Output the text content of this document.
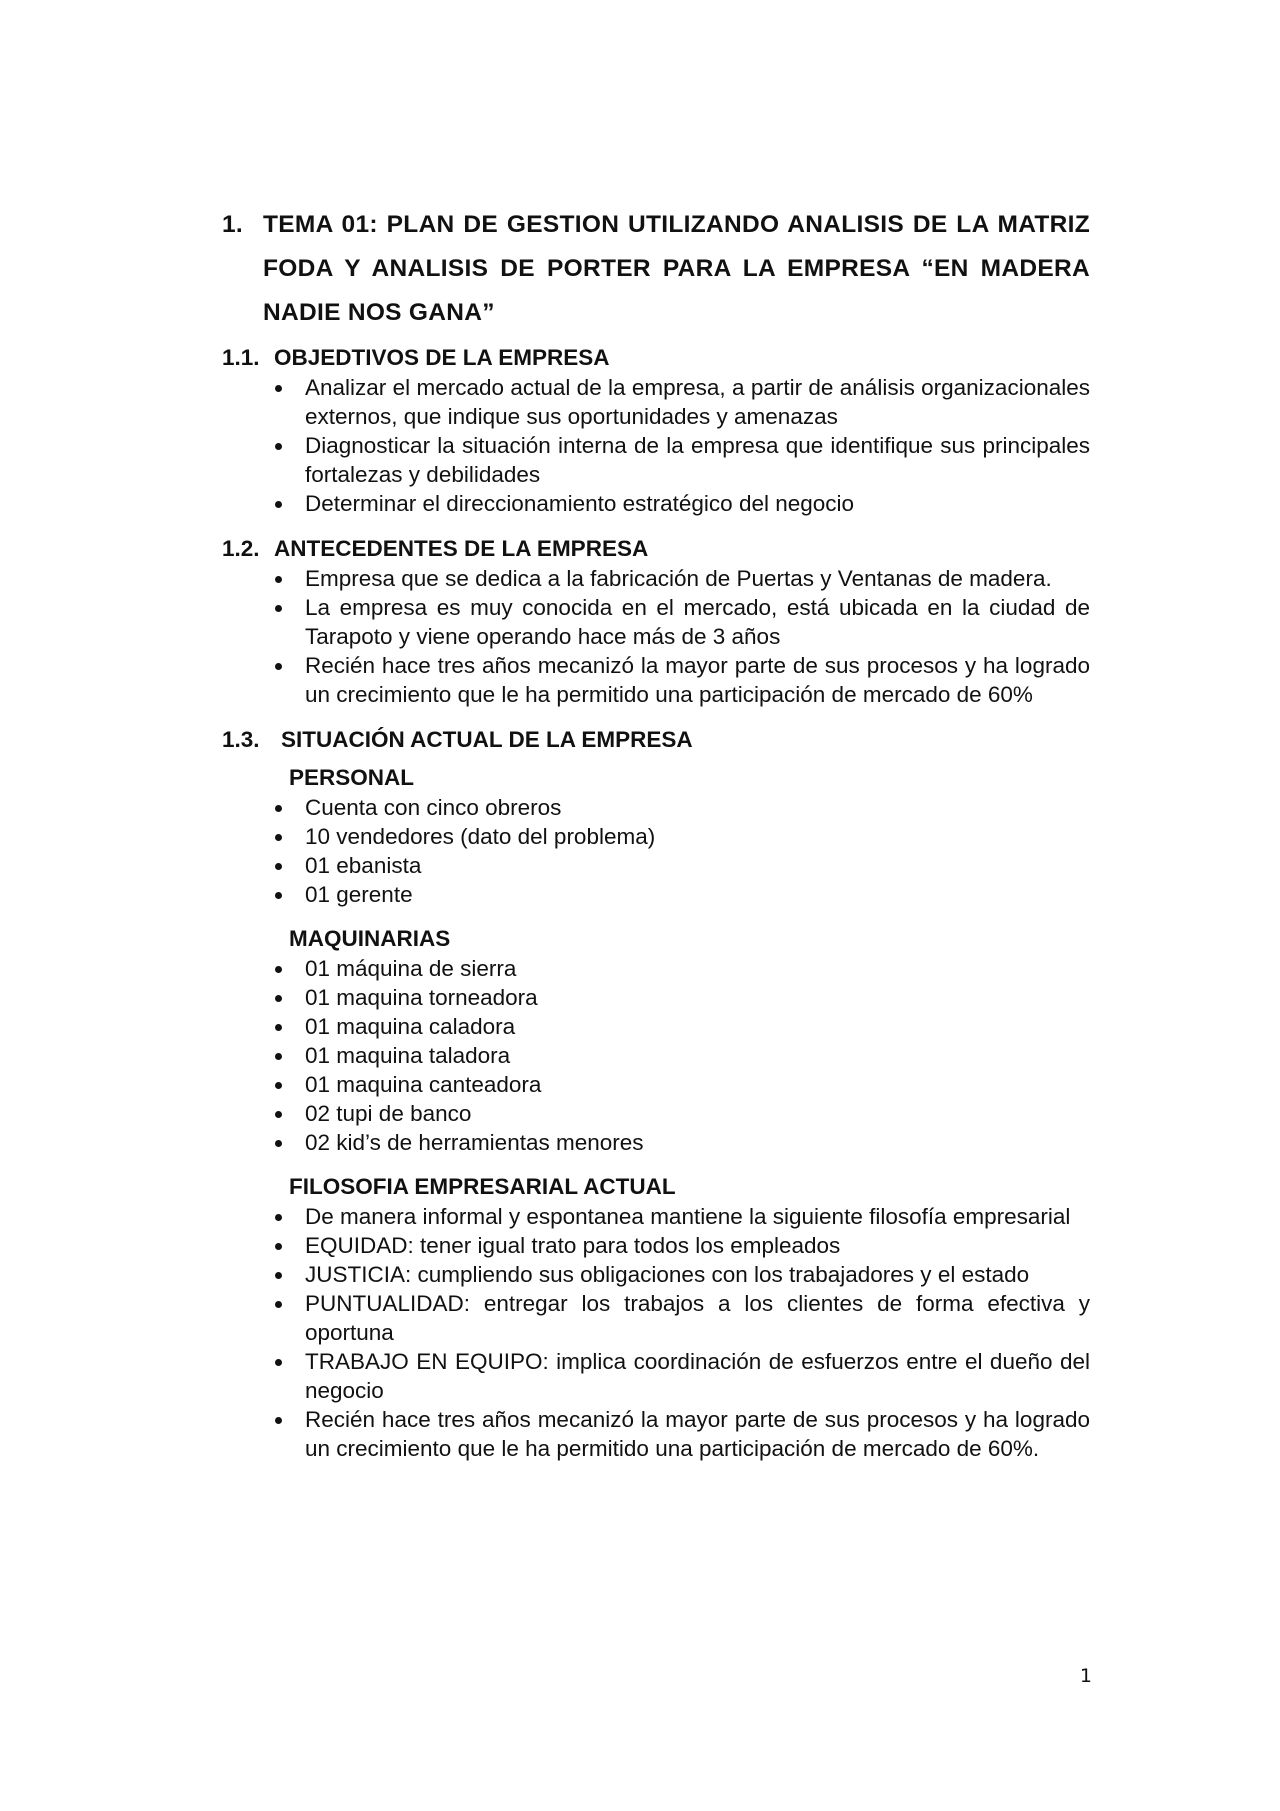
1. TEMA 01: PLAN DE GESTION UTILIZANDO ANALISIS DE LA MATRIZ FODA Y ANALISIS DE PORTER PARA LA EMPRESA “EN MADERA NADIE NOS GANA”
1.1. OBJEDTIVOS DE LA EMPRESA
Analizar el mercado actual de la empresa, a partir de análisis organizacionales externos, que indique sus oportunidades y amenazas
Diagnosticar la situación interna de la empresa que identifique sus principales fortalezas y debilidades
Determinar el direccionamiento estratégico del negocio
1.2. ANTECEDENTES DE LA EMPRESA
Empresa que se dedica a la fabricación de Puertas y Ventanas de madera.
La empresa es muy conocida en el mercado, está ubicada en la ciudad de Tarapoto y viene operando hace más de 3 años
Recién hace tres años mecanizó la mayor parte de sus procesos y ha logrado un crecimiento que le ha permitido una participación de mercado de 60%
1.3. SITUACIÓN ACTUAL DE LA EMPRESA
PERSONAL
Cuenta con cinco obreros
10 vendedores (dato del problema)
01 ebanista
01 gerente
MAQUINARIAS
01 máquina de sierra
01 maquina torneadora
01 maquina caladora
01 maquina taladora
01 maquina canteadora
02 tupi de banco
02 kid’s de herramientas menores
FILOSOFIA EMPRESARIAL ACTUAL
De manera informal y espontanea mantiene la siguiente filosofía empresarial
EQUIDAD: tener igual trato para todos los empleados
JUSTICIA: cumpliendo sus obligaciones con los trabajadores y el estado
PUNTUALIDAD: entregar los trabajos a los clientes de forma efectiva y oportuna
TRABAJO EN EQUIPO: implica coordinación de esfuerzos entre el dueño del negocio
Recién hace tres años mecanizó la mayor parte de sus procesos y ha logrado un crecimiento que le ha permitido una participación de mercado de 60%.
1
